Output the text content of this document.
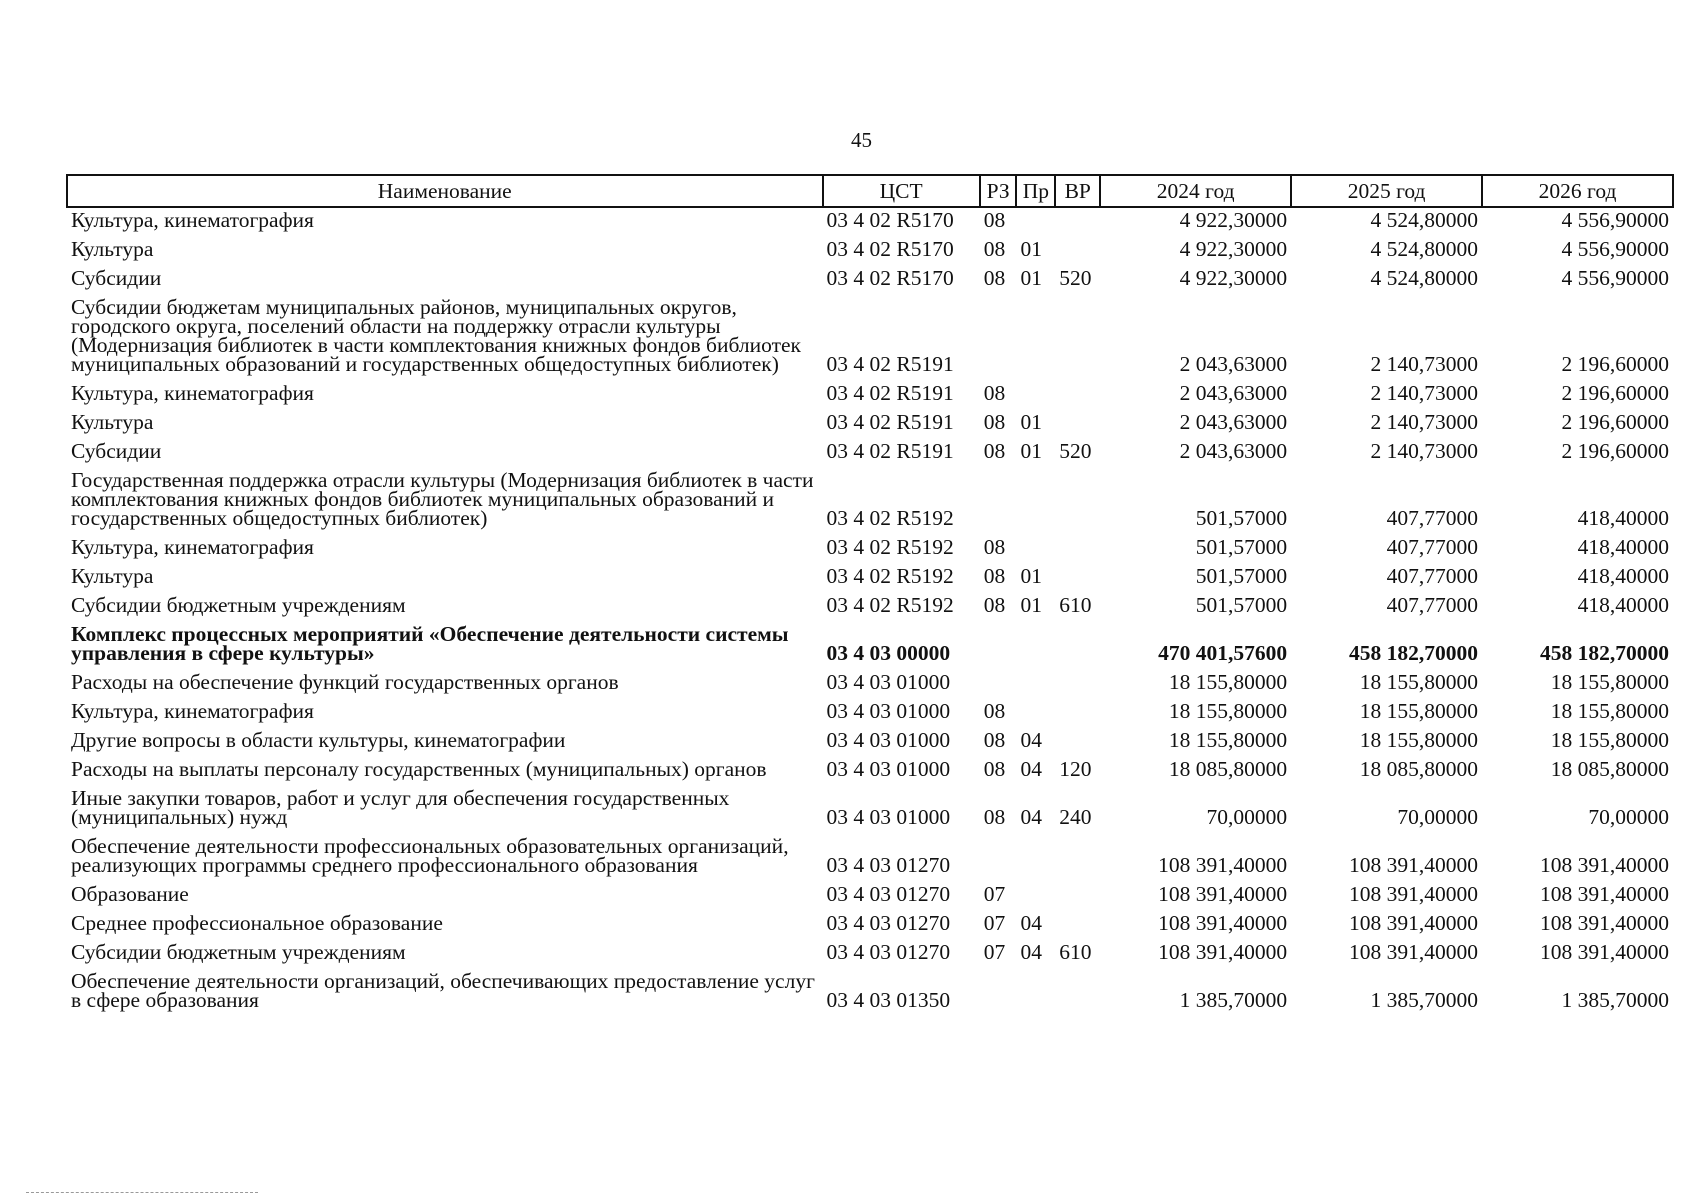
45
Наименование	ЦСТ	РЗ	Пр	ВР	2024 год	2025 год	2026 год
Культура, кинематография	03 4 02 R5170	08			4 922,30000	4 524,80000	4 556,90000
Культура	03 4 02 R5170	08	01		4 922,30000	4 524,80000	4 556,90000
Субсидии	03 4 02 R5170	08	01	520	4 922,30000	4 524,80000	4 556,90000
Субсидии бюджетам муниципальных районов, муниципальных округов, городского округа, поселений области на поддержку отрасли культуры (Модернизация библиотек в части комплектования книжных фондов библиотек муниципальных образований и государственных общедоступных библиотек)	03 4 02 R5191				2 043,63000	2 140,73000	2 196,60000
Культура, кинематография	03 4 02 R5191	08			2 043,63000	2 140,73000	2 196,60000
Культура	03 4 02 R5191	08	01		2 043,63000	2 140,73000	2 196,60000
Субсидии	03 4 02 R5191	08	01	520	2 043,63000	2 140,73000	2 196,60000
Государственная поддержка отрасли культуры (Модернизация библиотек в части комплектования книжных фондов библиотек муниципальных образований и государственных общедоступных библиотек)	03 4 02 R5192				501,57000	407,77000	418,40000
Культура, кинематография	03 4 02 R5192	08			501,57000	407,77000	418,40000
Культура	03 4 02 R5192	08	01		501,57000	407,77000	418,40000
Субсидии бюджетным учреждениям	03 4 02 R5192	08	01	610	501,57000	407,77000	418,40000
Комплекс процессных мероприятий «Обеспечение деятельности системы управления в сфере культуры»	03 4 03 00000				470 401,57600	458 182,70000	458 182,70000
Расходы на обеспечение функций государственных органов	03 4 03 01000				18 155,80000	18 155,80000	18 155,80000
Культура, кинематография	03 4 03 01000	08			18 155,80000	18 155,80000	18 155,80000
Другие вопросы в области культуры, кинематографии	03 4 03 01000	08	04		18 155,80000	18 155,80000	18 155,80000
Расходы на выплаты персоналу государственных (муниципальных) органов	03 4 03 01000	08	04	120	18 085,80000	18 085,80000	18 085,80000
Иные закупки товаров, работ и услуг для обеспечения государственных (муниципальных) нужд	03 4 03 01000	08	04	240	70,00000	70,00000	70,00000
Обеспечение деятельности профессиональных образовательных организаций, реализующих программы среднего профессионального образования	03 4 03 01270				108 391,40000	108 391,40000	108 391,40000
Образование	03 4 03 01270	07			108 391,40000	108 391,40000	108 391,40000
Среднее профессиональное образование	03 4 03 01270	07	04		108 391,40000	108 391,40000	108 391,40000
Субсидии бюджетным учреждениям	03 4 03 01270	07	04	610	108 391,40000	108 391,40000	108 391,40000
Обеспечение деятельности организаций, обеспечивающих предоставление услуг в сфере образования	03 4 03 01350				1 385,70000	1 385,70000	1 385,70000
